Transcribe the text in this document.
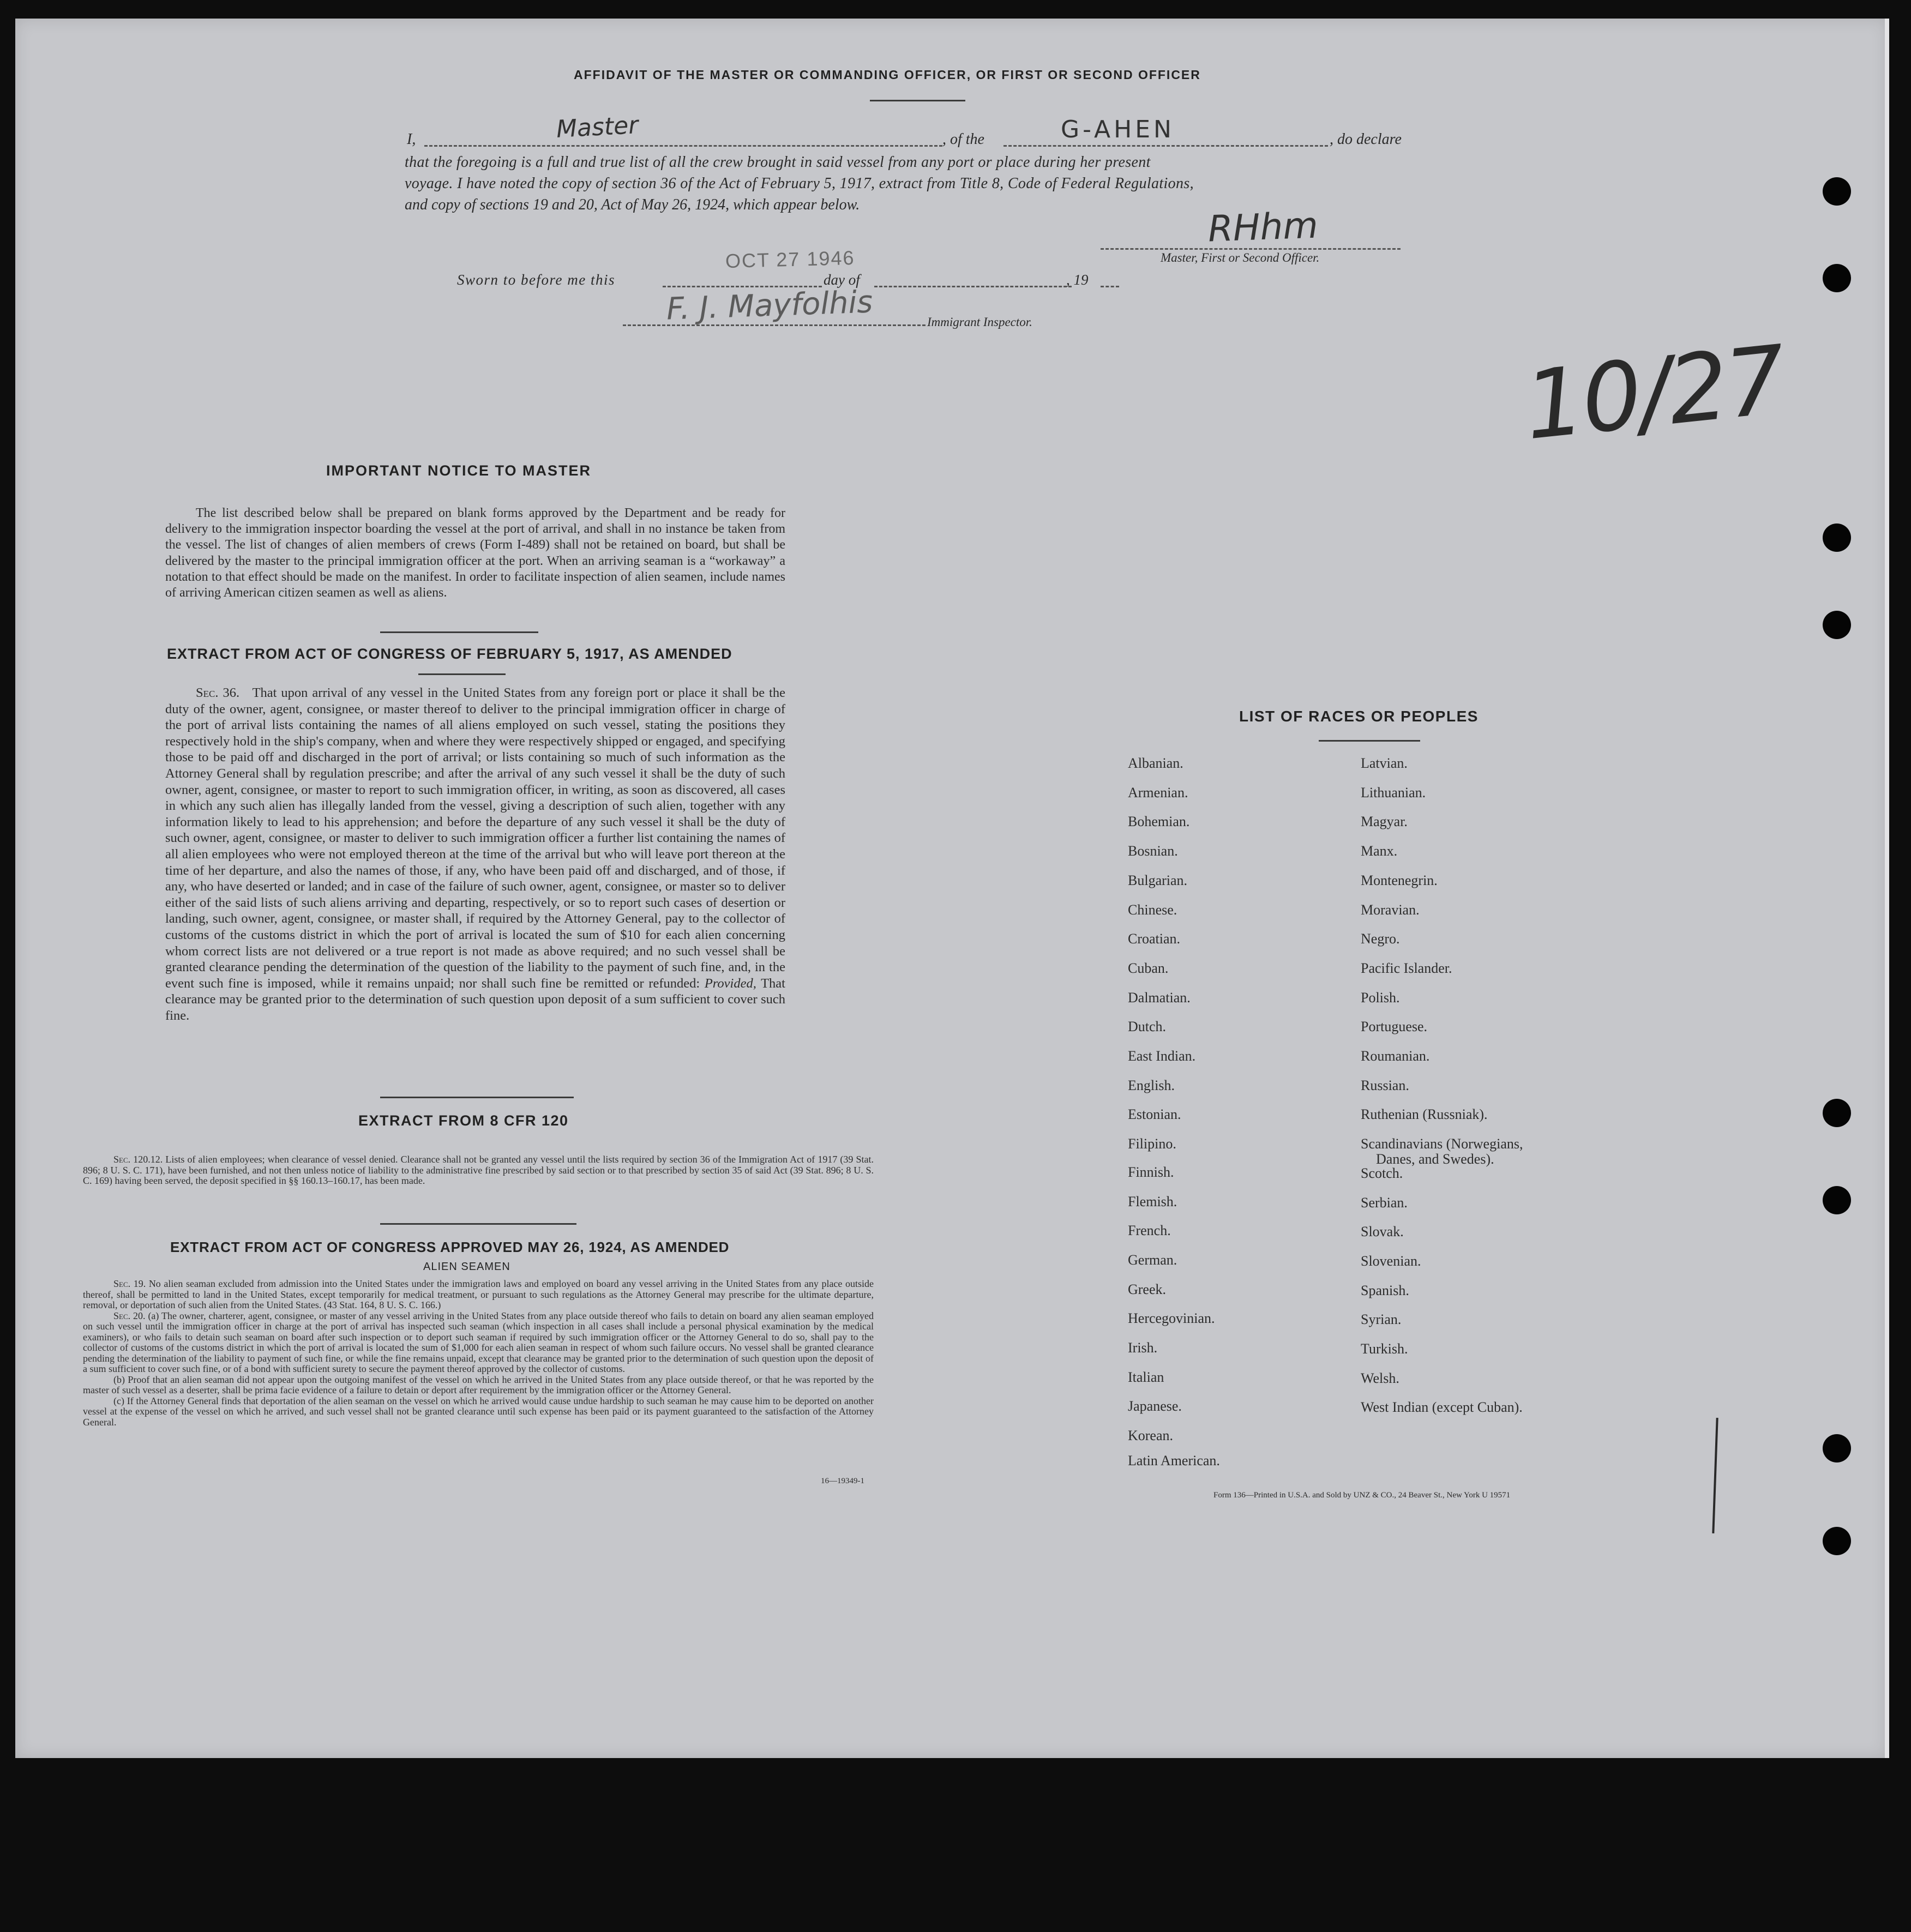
AFFIDAVIT OF THE MASTER OR COMMANDING OFFICER, OR FIRST OR SECOND OFFICER
I,	Master	, of the	G-AHEN	, do declare
that the foregoing is a full and true list of all the crew brought in said vessel from any port or place during her present
voyage. I have noted the copy of section 36 of the Act of February 5, 1917, extract from Title 8, Code of Federal Regulations,
and copy of sections 19 and 20, Act of May 26, 1924, which appear below.	RHhm
Master, First or Second Officer.
Sworn to before me this
OCT 27 1946
day of	, 19
F. J. Mayfolhis	Immigrant Inspector.
10/27
IMPORTANT NOTICE TO MASTER

The list described below shall be prepared on blank forms approved by the Department and be ready for delivery to the immigration inspector boarding the vessel at the port of arrival, and shall in no instance be taken from the vessel. The list of changes of alien members of crews (Form I-489) shall not be retained on board, but shall be delivered by the master to the principal immigration officer at the port. When an arriving seaman is a “workaway” a notation to that effect should be made on the manifest. In order to facilitate inspection of alien seamen, include names of arriving American citizen seamen as well as aliens.

EXTRACT FROM ACT OF CONGRESS OF FEBRUARY 5, 1917, AS AMENDED

Sec. 36. That upon arrival of any vessel in the United States from any foreign port or place it shall be the duty of the owner, agent, consignee, or master thereof to deliver to the principal immigration officer in charge of the port of arrival lists containing the names of all aliens employed on such vessel, stating the positions they respectively hold in the ship's company, when and where they were respectively shipped or engaged, and specifying those to be paid off and discharged in the port of arrival; or lists containing so much of such information as the Attorney General shall by regulation prescribe; and after the arrival of any such vessel it shall be the duty of such owner, agent, consignee, or master to report to such immigration officer, in writing, as soon as discovered, all cases in which any such alien has illegally landed from the vessel, giving a description of such alien, together with any information likely to lead to his apprehension; and before the departure of any such vessel it shall be the duty of such owner, agent, consignee, or master to deliver to such immigration officer a further list containing the names of all alien employees who were not employed thereon at the time of the arrival but who will leave port thereon at the time of her departure, and also the names of those, if any, who have been paid off and discharged, and of those, if any, who have deserted or landed; and in case of the failure of such owner, agent, consignee, or master so to deliver either of the said lists of such aliens arriving and departing, respectively, or so to report such cases of desertion or landing, such owner, agent, consignee, or master shall, if required by the Attorney General, pay to the collector of customs of the customs district in which the port of arrival is located the sum of $10 for each alien concerning whom correct lists are not delivered or a true report is not made as above required; and no such vessel shall be granted clearance pending the determination of the question of the liability to the payment of such fine, and, in the event such fine is imposed, while it remains unpaid; nor shall such fine be remitted or refunded: Provided, That clearance may be granted prior to the determination of such question upon deposit of a sum sufficient to cover such fine.

EXTRACT FROM 8 CFR 120

Sec. 120.12. Lists of alien employees; when clearance of vessel denied. Clearance shall not be granted any vessel until the lists required by section 36 of the Immigration Act of 1917 (39 Stat. 896; 8 U. S. C. 171), have been furnished, and not then unless notice of liability to the administrative fine prescribed by said section or to that prescribed by section 35 of said Act (39 Stat. 896; 8 U. S. C. 169) having been served, the deposit specified in §§ 160.13–160.17, has been made.

EXTRACT FROM ACT OF CONGRESS APPROVED MAY 26, 1924, AS AMENDED
ALIEN SEAMEN

Sec. 19. No alien seaman excluded from admission into the United States under the immigration laws and employed on board any vessel arriving in the United States from any place outside thereof, shall be permitted to land in the United States, except temporarily for medical treatment, or pursuant to such regulations as the Attorney General may prescribe for the ultimate departure, removal, or deportation of such alien from the United States. (43 Stat. 164, 8 U. S. C. 166.)

Sec. 20. (a) The owner, charterer, agent, consignee, or master of any vessel arriving in the United States from any place outside thereof who fails to detain on board any alien seaman employed on such vessel until the immigration officer in charge at the port of arrival has inspected such seaman (which inspection in all cases shall include a personal physical examination by the medical examiners), or who fails to detain such seaman on board after such inspection or to deport such seaman if required by such immigration officer or the Attorney General to do so, shall pay to the collector of customs of the customs district in which the port of arrival is located the sum of $1,000 for each alien seaman in respect of whom such failure occurs. No vessel shall be granted clearance pending the determination of the liability to payment of such fine, or while the fine remains unpaid, except that clearance may be granted prior to the determination of such question upon the deposit of a sum sufficient to cover such fine, or of a bond with sufficient surety to secure the payment thereof approved by the collector of customs.

(b) Proof that an alien seaman did not appear upon the outgoing manifest of the vessel on which he arrived in the United States from any place outside thereof, or that he was reported by the master of such vessel as a deserter, shall be prima facie evidence of a failure to detain or deport after requirement by the immigration officer or the Attorney General.

(c) If the Attorney General finds that deportation of the alien seaman on the vessel on which he arrived would cause undue hardship to such seaman he may cause him to be deported on another vessel at the expense of the vessel on which he arrived, and such vessel shall not be granted clearance until such expense has been paid or its payment guaranteed to the satisfaction of the Attorney General.

16—19349-1
LIST OF RACES OR PEOPLES
Albanian.
Armenian.
Bohemian.
Bosnian.
Bulgarian.
Chinese.
Croatian.
Cuban.
Dalmatian.
Dutch.
East Indian.
English.
Estonian.
Filipino.
Finnish.
Flemish.
French.
German.
Greek.
Hercegovinian.
Irish.
Italian
Japanese.
Korean.
Latin American.
Latvian.
Lithuanian.
Magyar.
Manx.
Montenegrin.
Moravian.
Negro.
Pacific Islander.
Polish.
Portuguese.
Roumanian.
Russian.
Ruthenian (Russniak).
Scandinavians (Norwegians,
Danes, and Swedes).
Scotch.
Serbian.
Slovak.
Slovenian.
Spanish.
Syrian.
Turkish.
Welsh.
West Indian (except Cuban).
Form 136—Printed in U.S.A. and Sold by UNZ & CO., 24 Beaver St., New York U 19571
